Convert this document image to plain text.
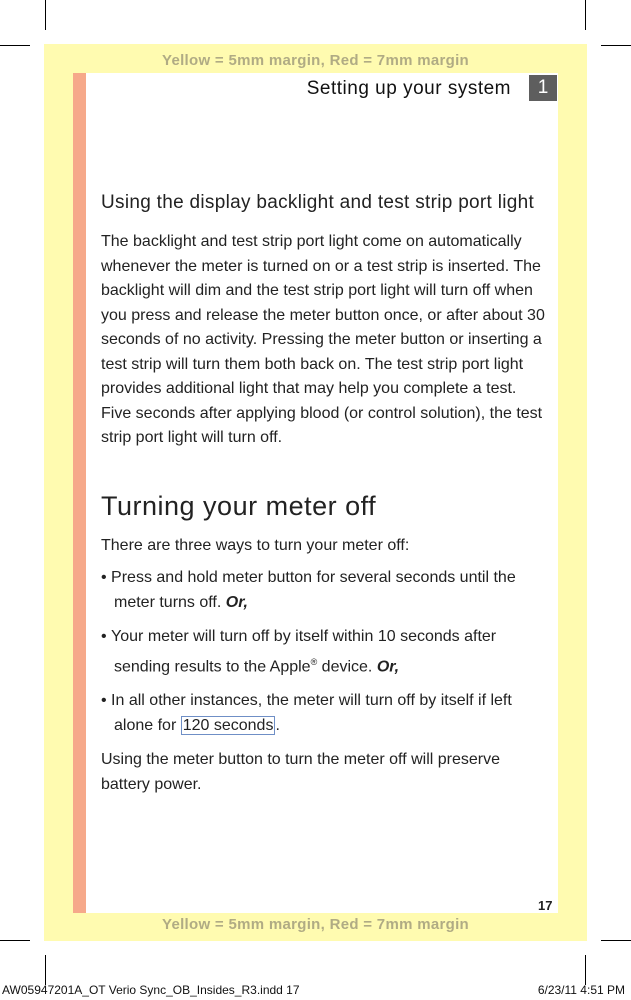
Yellow = 5mm margin, Red = 7mm margin
Setting up your system	1
Using the display backlight and test strip port light

The backlight and test strip port light come on automatically whenever the meter is turned on or a test strip is inserted. The backlight will dim and the test strip port light will turn off when you press and release the meter button once, or after about 30 seconds of no activity. Pressing the meter button or inserting a test strip will turn them both back on. The test strip port light provides additional light that may help you complete a test. Five seconds after applying blood (or control solution), the test strip port light will turn off.

Turning your meter off

There are three ways to turn your meter off:

• Press and hold meter button for several seconds until the meter turns off. Or,
• Your meter will turn off by itself within 10 seconds after sending results to the Apple® device. Or,
• In all other instances, the meter will turn off by itself if left alone for 120 seconds .

Using the meter button to turn the meter off will preserve battery power.

17
Yellow = 5mm margin, Red = 7mm margin
AW05947201A_OT Verio Sync_OB_Insides_R3.indd 17	6/23/11 4:51 PM
